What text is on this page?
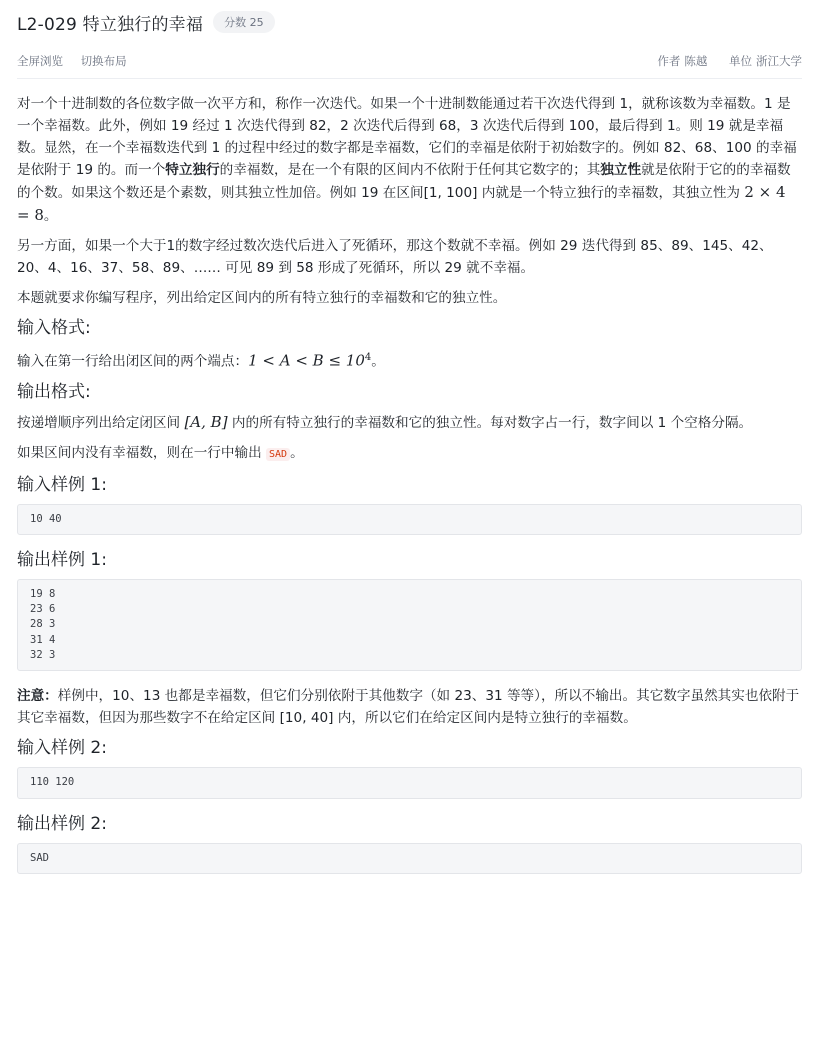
L2-029 特立独行的幸福	分数 25
全屏浏览 切换布局	作者 陈越 单位 浙江大学

对一个十进制数的各位数字做一次平方和，称作一次迭代。如果一个十进制数能通过若干次迭代得到 1，就称该数为幸福数。1 是一个幸福数。此外，例如 19 经过 1 次迭代得到 82，2 次迭代后得到 68，3 次迭代后得到 100，最后得到 1。则 19 就是幸福数。显然，在一个幸福数迭代到 1 的过程中经过的数字都是幸福数，它们的幸福是依附于初始数字的。例如 82、68、100 的幸福是依附于 19 的。而一个特立独行的幸福数，是在一个有限的区间内不依附于任何其它数字的；其独立性就是依附于它的的幸福数的个数。如果这个数还是个素数，则其独立性加倍。例如 19 在区间[1, 100] 内就是一个特立独行的幸福数，其独立性为 2 × 4 = 8。

另一方面，如果一个大于1的数字经过数次迭代后进入了死循环，那这个数就不幸福。例如 29 迭代得到 85、89、145、42、20、4、16、37、58、89、…… 可见 89 到 58 形成了死循环，所以 29 就不幸福。

本题就要求你编写程序，列出给定区间内的所有特立独行的幸福数和它的独立性。

输入格式:

输入在第一行给出闭区间的两个端点：$1 < A < B \le 10^4$。

输出格式:

按递增顺序列出给定闭区间 [A, B] 内的所有特立独行的幸福数和它的独立性。每对数字占一行，数字间以 1 个空格分隔。

如果区间内没有幸福数，则在一行中输出 SAD 。

输入样例 1:
10 40
输出样例 1:
19 8
23 6
28 3
31 4
32 3

注意：样例中，10、13 也都是幸福数，但它们分别依附于其他数字（如 23、31 等等），所以不输出。其它数字虽然其实也依附于其它幸福数，但因为那些数字不在给定区间 [10, 40] 内，所以它们在给定区间内是特立独行的幸福数。

输入样例 2:
110 120
输出样例 2:
SAD
